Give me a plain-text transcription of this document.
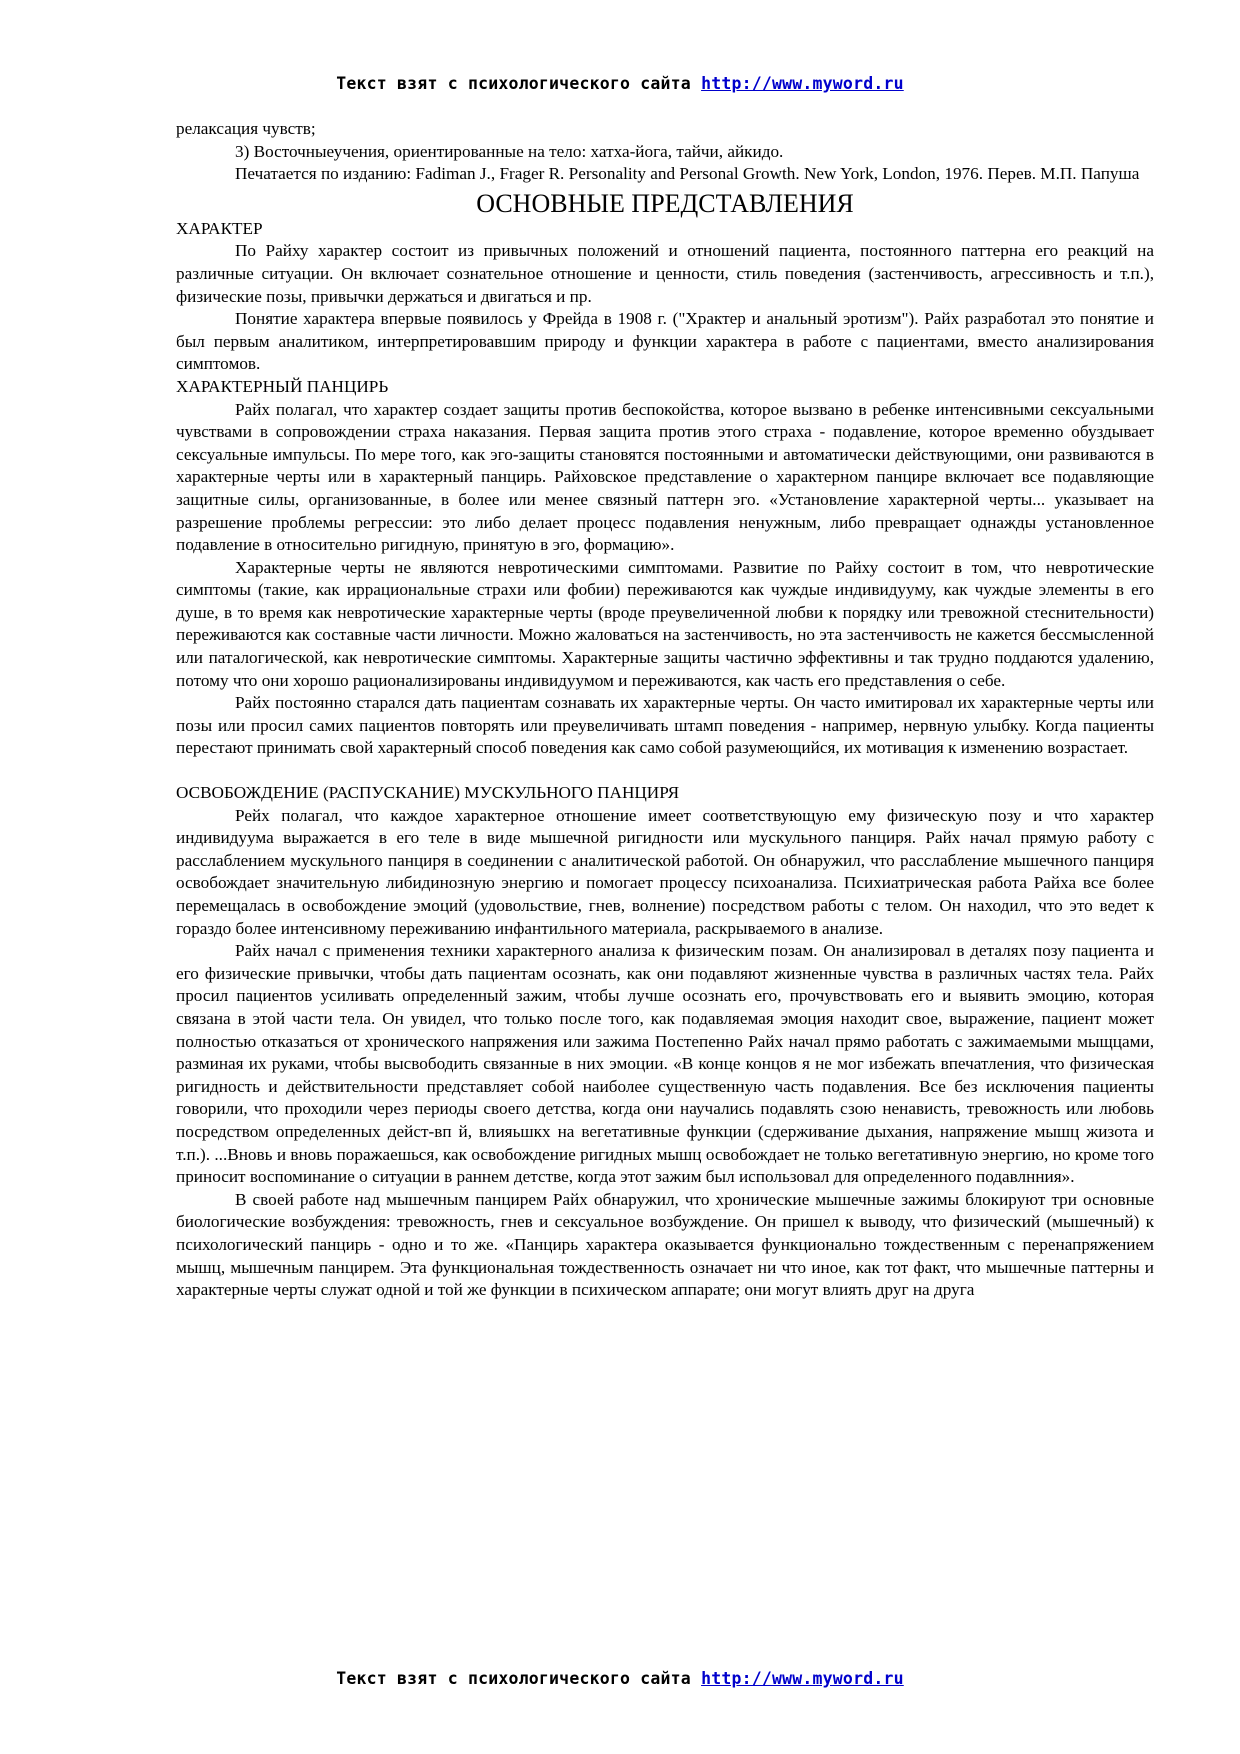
Текст взят с психологического сайта http://www.myword.ru

релаксация чувств;

3) Восточныеучения, ориентированные на тело: хатха-йога, тайчи, айкидо.

Печатается по изданию: Fadiman J., Frager R. Personality and Personal Growth. New York, London, 1976. Перев. М.П. Папуша

ОСНОВНЫЕ ПРЕДСТАВЛЕНИЯ

ХАРАКТЕР

По Райху характер состоит из привычных положений и отношений пациента, постоянного паттерна его реакций на различные ситуации. Он включает сознательное отношение и ценности, стиль поведения (застенчивость, агрессивность и т.п.), физические позы, привычки держаться и двигаться и пр.

Понятие характера впервые появилось у Фрейда в 1908 г. ("Храктер и анальный эротизм"). Райх разработал это понятие и был первым аналитиком, интерпретировавшим природу и функции характера в работе с пациентами, вместо анализирования симптомов.

ХАРАКТЕРНЫЙ ПАНЦИРЬ

Райх полагал, что характер создает защиты против беспокойства, которое вызвано в ребенке интенсивными сексуальными чувствами в сопровождении страха наказания. Первая защита против этого страха - подавление, которое временно обуздывает сексуальные импульсы. По мере того, как эго-защиты становятся постоянными и автоматически действующими, они развиваются в характерные черты или в характерный панцирь. Райховское представление о характерном панцире включает все подавляющие защитные силы, организованные, в более или менее связный паттерн эго. «Установление характерной черты... указывает на разрешение проблемы регрессии: это либо делает процесс подавления ненужным, либо превращает однажды установленное подавление в относительно ригидную, принятую в эго, формацию».

Характерные черты не являются невротическими симптомами. Развитие по Райху состоит в том, что невротические симптомы (такие, как иррациональные страхи или фобии) переживаются как чуждые индивидууму, как чуждые элементы в его душе, в то время как невротические характерные черты (вроде преувеличенной любви к порядку или тревожной стеснительности) переживаются как составные части личности. Можно жаловаться на застенчивость, но эта застенчивость не кажется бессмысленной или паталогической, как невротические симптомы. Характерные защиты частично эффективны и так трудно поддаются удалению, потому что они хорошо рационализированы индивидуумом и переживаются, как часть его представления о себе.

Райх постоянно старался дать пациентам сознавать их характерные черты. Он часто имитировал их характерные черты или позы или просил самих пациентов повторять или преувеличивать штамп поведения - например, нервную улыбку. Когда пациенты перестают принимать свой характерный способ поведения как само собой разумеющийся, их мотивация к изменению возрастает.

ОСВОБОЖДЕНИЕ (РАСПУСКАНИЕ) МУСКУЛЬНОГО ПАНЦИРЯ

Рейх полагал, что каждое характерное отношение имеет соответствующую ему физическую позу и что характер индивидуума выражается в его теле в виде мышечной ригидности или мускульного панциря. Райх начал прямую работу с расслаблением мускульного панциря в соединении с аналитической работой. Он обнаружил, что расслабление мышечного панциря освобождает значительную либидинозную энергию и помогает процессу психоанализа. Психиатрическая работа Райха все более перемещалась в освобождение эмоций (удовольствие, гнев, волнение) посредством работы с телом. Он находил, что это ведет к гораздо более интенсивному переживанию инфантильного материала, раскрываемого в анализе.

Райх начал с применения техники характерного анализа к физическим позам. Он анализировал в деталях позу пациента и его физические привычки, чтобы дать пациентам осознать, как они подавляют жизненные чувства в различных частях тела. Райх просил пациентов усиливать определенный зажим, чтобы лучше осознать его, прочувствовать его и выявить эмоцию, которая связана в этой части тела. Он увидел, что только после того, как подавляемая эмоция находит свое, выражение, пациент может полностью отказаться от хронического напряжения или зажима Постепенно Райх начал прямо работать с зажимаемыми мыщцами, разминая их руками, чтобы высвободить связанные в них эмоции. «В конце концов я не мог избежать впечатления, что физическая ригидность и действительности представляет собой наиболее существенную часть подавления. Все без исключения пациенты говорили, что проходили через периоды своего детства, когда они научались подавлять сзою ненависть, тревожность или любовь посредством определенных дейст-вп й, влияьшкх на вегетативные функции (сдерживание дыхания, напряжение мышц жизота и т.п.). ...Вновь и вновь поражаешься, как освобождение ригидных мышц освобождает не только вегетативную энергию, но кроме того приносит воспоминание о ситуации в раннем детстве, когда этот зажим был использовал для определенного подавлнния».

В своей работе над мышечным панцирем Райх обнаружил, что хронические мышечные зажимы блокируют три основные биологические возбуждения: тревожность, гнев и сексуальное возбуждение. Он пришел к выводу, что физический (мышечный) к психологический панцирь - одно и то же. «Панцирь характера оказывается функционально тождественным с перенапряжением мышц, мышечным панцирем. Эта функциональная тождественность означает ни что иное, как тот факт, что мышечные паттерны и характерные черты служат одной и той же функции в психическом аппарате; они могут влиять друг на друга

Текст взят с психологического сайта http://www.myword.ru
